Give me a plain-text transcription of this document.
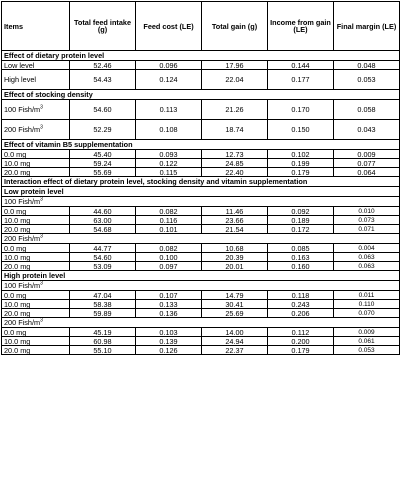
Items	Total feed intake (g)	Feed cost (LE)	Total gain (g)	Income from gain (LE)	Final margin (LE)
Effect of dietary protein level					
Low level	52.46	0.096	17.96	0.144	0.048
High level	54.43	0.124	22.04	0.177	0.053
Effect of stocking density					
100 Fish/$m^3$	54.60	0.113	21.26	0.170	0.058
200 Fish/$m^3$	52.29	0.108	18.74	0.150	0.043
Effect of vitamin B5 supplementation					
0.0 mg	45.40	0.093	12.73	0.102	0.009
10.0 mg	59.24	0.122	24.85	0.199	0.077
20.0 mg	55.69	0.115	22.40	0.179	0.064
Interaction effect of dietary protein level, stocking density and vitamin supplementation					
Low protein level					
100 Fish/$m^3$
0.0 mg	44.60	0.082	11.46	0.092	0.010
10.0 mg	63.00	0.116	23.66	0.189	0.073
20.0 mg	54.68	0.101	21.54	0.172	0.071
200 Fish/$m^3$
0.0 mg	44.77	0.082	10.68	0.085	0.004
10.0 mg	54.60	0.100	20.39	0.163	0.063
20.0 mg	53.09	0.097	20.01	0.160	0.063
High protein level					
100 Fish/$m^3$
0.0 mg	47.04	0.107	14.79	0.118	0.011
10.0 mg	58.38	0.133	30.41	0.243	0.110
20.0 mg	59.89	0.136	25.69	0.206	0.070
200 Fish/$m^3$
0.0 mg	45.19	0.103	14.00	0.112	0.009
10.0 mg	60.98	0.139	24.94	0.200	0.061
20.0 mg	55.10	0.126	22.37	0.179	0.053
